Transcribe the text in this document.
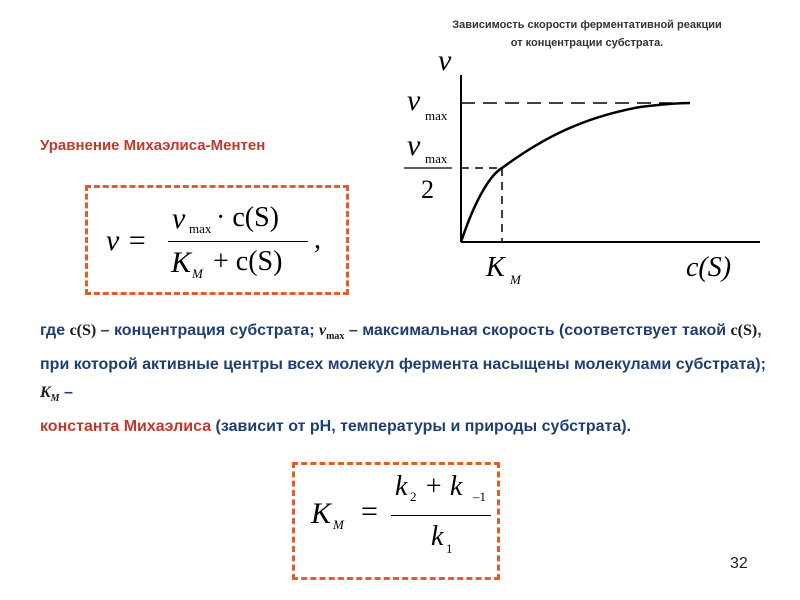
Зависимость скорости ферментативной реакции
от концентрации субстрата.
v
v max
v max
2
K M	c(S)
Уравнение Михаэлиса-Ментен
v =
v max · c(S)
K M + c(S)
,
где c(S) – концентрация субстрата; $v_{max}$ – максимальная скорость (соответствует такой c(S), при которой активные центры всех молекул фермента насыщены молекулами субстрата); $K_M$ –
константа Михаэлиса (зависит от рН, температуры и природы субстрата).
K M =
k 2 + k –1
k 1
32
